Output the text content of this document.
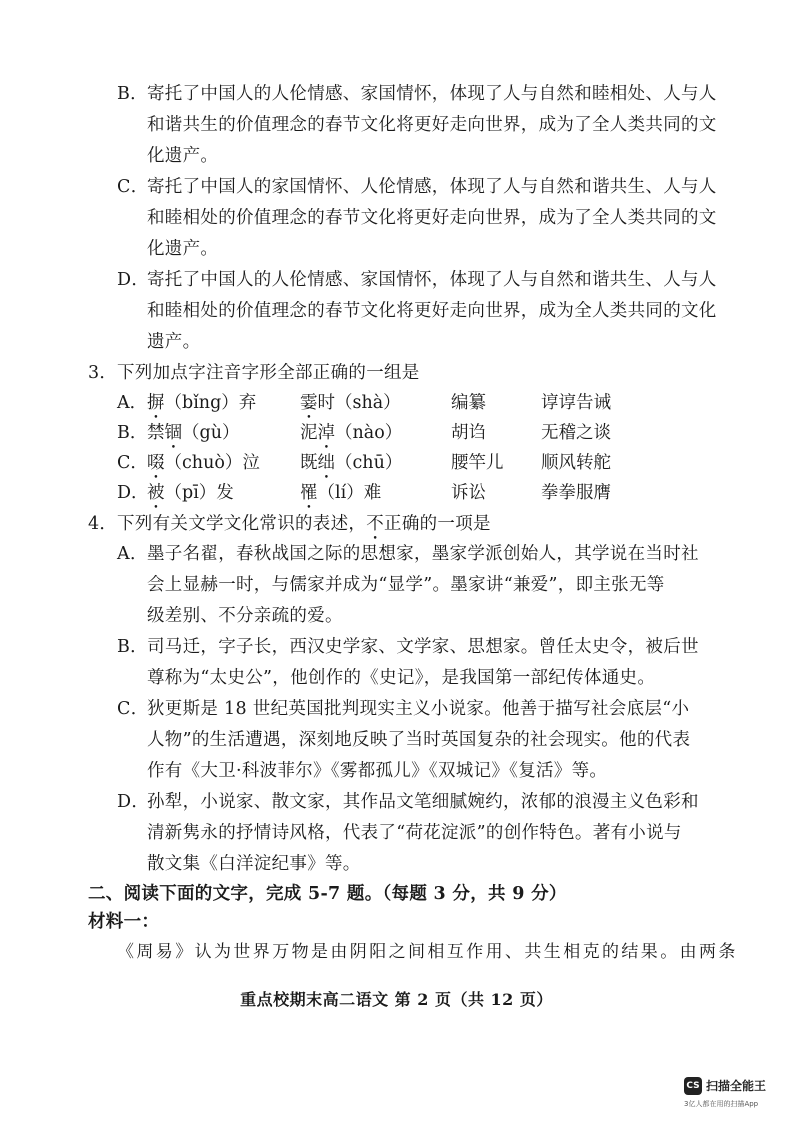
B． 寄托了中国人的人伦情感、家国情怀，体现了人与自然和睦相处、人与人
和谐共生的价值理念的春节文化将更好走向世界，成为了全人类共同的文
化遗产。
C．
寄托了中国人的家国情怀、人伦情感，体现了人与自然和谐共生、人与人
和睦相处的价值理念的春节文化将更好走向世界，成为了全人类共同的文
化遗产。
D．
寄托了中国人的人伦情感、家国情怀，体现了人与自然和谐共生、人与人
和睦相处的价值理念的春节文化将更好走向世界，成为全人类共同的文化
遗产。
3． 下列加点字注音字形全部正确的一组是
A． 摒（bǐng）弃 霎时（shà）	编纂	谆谆告诫
B． 禁锢（gù）	泥淖（nào）	胡诌	无稽之谈
C． 啜（chuò）泣 既绌（chū）	腰竿儿 顺风转舵
D．
被（pī）发	罹（lí）难	诉讼	拳拳服膺
4． 下列有关文学文化常识的表述，不正确的一项是
A． 墨子名翟，春秋战国之际的思想家，墨家学派创始人，其学说在当时社
会上显赫一时，与儒家并成为“显学”。墨家讲“兼爱”，即主张无等
级差别、不分亲疏的爱。
B． 司马迁，字子长，西汉史学家、文学家、思想家。曾任太史令，被后世
尊称为“太史公”，他创作的《史记》，是我国第一部纪传体通史。
C．
狄更斯是 18 世纪英国批判现实主义小说家。他善于描写社会底层“小
人物”的生活遭遇，深刻地反映了当时英国复杂的社会现实。他的代表
作有《大卫·科波菲尔》《雾都孤儿》《双城记》《复活》等。
D．
孙犁，小说家、散文家，其作品文笔细腻婉约，浓郁的浪漫主义色彩和
清新隽永的抒情诗风格，代表了“荷花淀派”的创作特色。著有小说与
散文集《白洋淀纪事》等。
二、阅读下面的文字，完成 5-7 题。（每题 3 分，共 9 分）
材料一：
《周易》认为世界万物是由阴阳之间相互作用、共生相克的结果。由两条
重点校期末高二语文 第 2 页（共 12 页）
CS 扫描全能王
3亿人都在用的扫描App
